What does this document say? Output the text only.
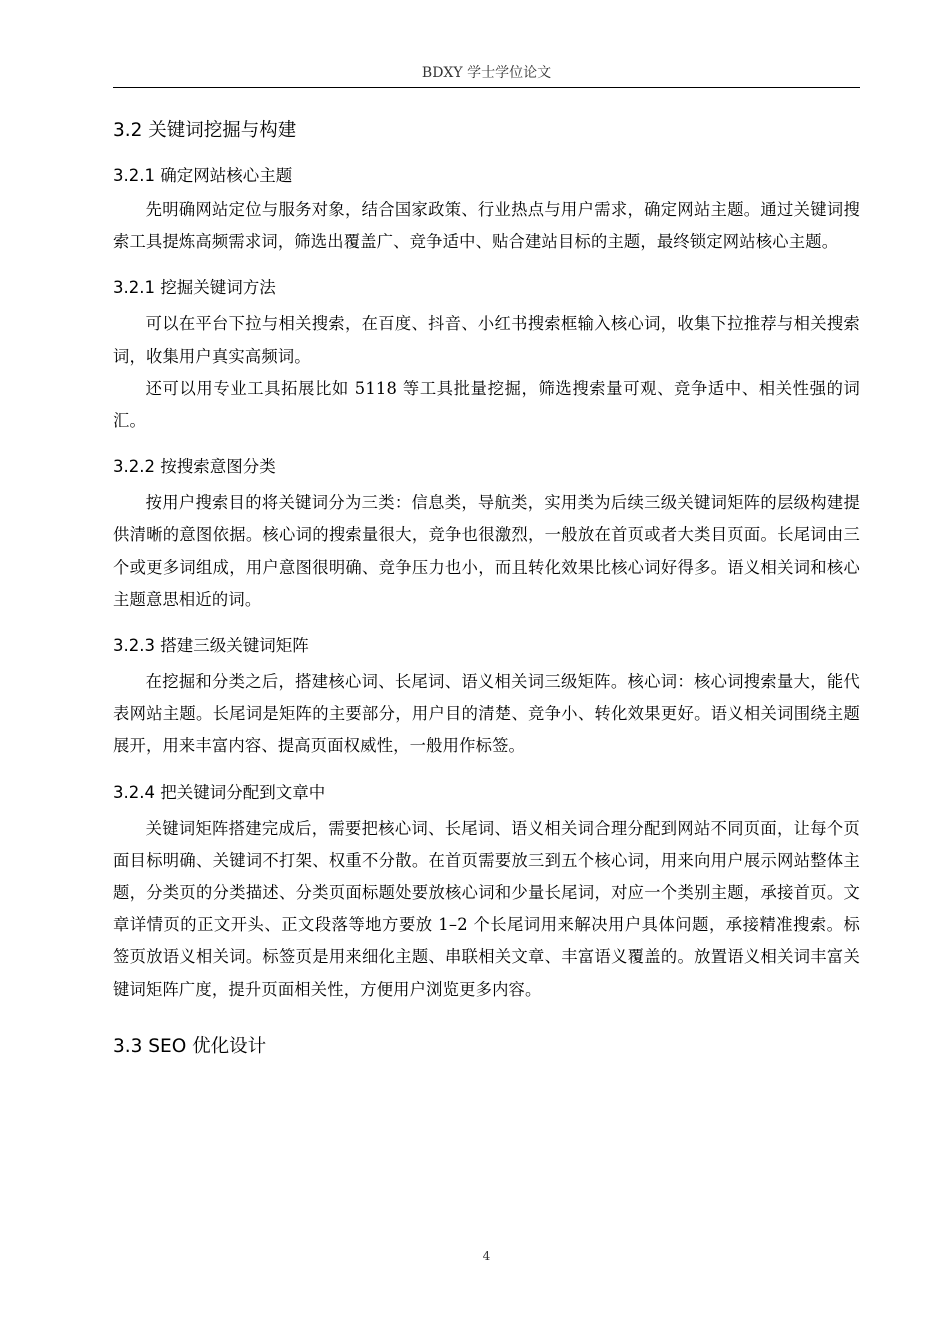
BDXY 学士学位论文
3.2 关键词挖掘与构建
3.2.1 确定网站核心主题

先明确网站定位与服务对象，结合国家政策、行业热点与用户需求，确定网站主题。通过关键词搜索工具提炼高频需求词，筛选出覆盖广、竞争适中、贴合建站目标的主题，最终锁定网站核心主题。

3.2.1 挖掘关键词方法

可以在平台下拉与相关搜索，在百度、抖音、小红书搜索框输入核心词，收集下拉推荐与相关搜索词，收集用户真实高频词。

还可以用专业工具拓展比如 5118 等工具批量挖掘，筛选搜索量可观、竞争适中、相关性强的词汇。

3.2.2 按搜索意图分类

按用户搜索目的将关键词分为三类：信息类，导航类，实用类为后续三级关键词矩阵的层级构建提供清晰的意图依据。核心词的搜索量很大，竞争也很激烈，一般放在首页或者大类目页面。长尾词由三个或更多词组成，用户意图很明确、竞争压力也小，而且转化效果比核心词好得多。语义相关词和核心主题意思相近的词。

3.2.3 搭建三级关键词矩阵

在挖掘和分类之后，搭建核心词、长尾词、语义相关词三级矩阵。核心词：核心词搜索量大，能代表网站主题。长尾词是矩阵的主要部分，用户目的清楚、竞争小、转化效果更好。语义相关词围绕主题展开，用来丰富内容、提高页面权威性，一般用作标签。

3.2.4 把关键词分配到文章中

关键词矩阵搭建完成后，需要把核心词、长尾词、语义相关词合理分配到网站不同页面，让每个页面目标明确、关键词不打架、权重不分散。在首页需要放三到五个核心词，用来向用户展示网站整体主题，分类页的分类描述、分类页面标题处要放核心词和少量长尾词，对应一个类别主题，承接首页。文章详情页的正文开头、正文段落等地方要放 1–2 个长尾词用来解决用户具体问题，承接精准搜索。标签页放语义相关词。标签页是用来细化主题、串联相关文章、丰富语义覆盖的。放置语义相关词丰富关键词矩阵广度，提升页面相关性，方便用户浏览更多内容。

3.3 SEO 优化设计
4
